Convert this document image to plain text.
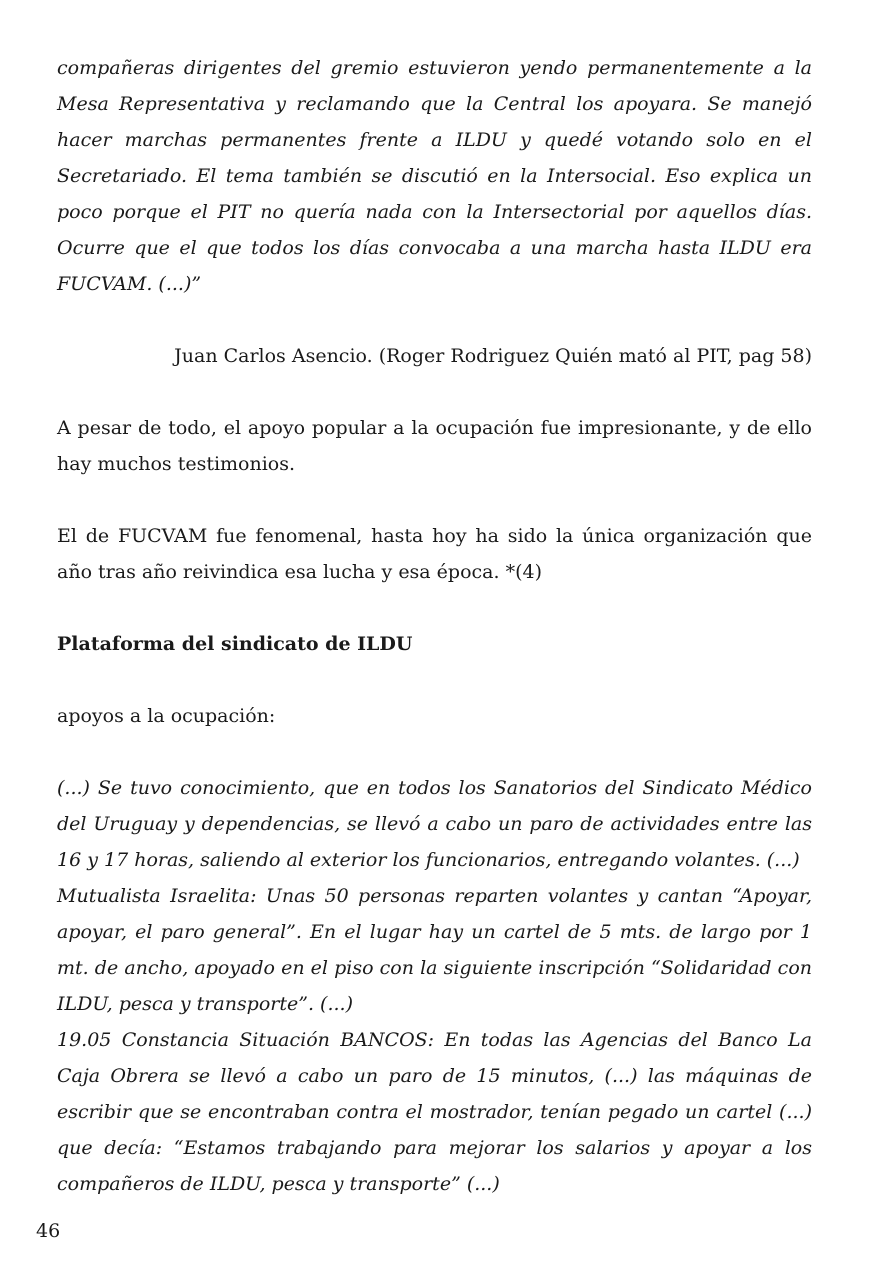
compañeras dirigentes del gremio estuvieron yendo permanentemente a la Mesa Representativa y reclamando que la Central los apoyara. Se manejó hacer marchas permanentes frente a ILDU y quedé votando solo en el Secretariado. El tema también se discutió en la Intersocial. Eso explica un poco porque el PIT no quería nada con la Intersectorial por aquellos días. Ocurre que el que todos los días convocaba a una marcha hasta ILDU era FUCVAM. (...)”

Juan Carlos Asencio. (Roger Rodriguez Quién mató al PIT, pag 58)

A pesar de todo, el apoyo popular a la ocupación fue impresionante, y de ello hay muchos testimonios.

El de FUCVAM fue fenomenal, hasta hoy ha sido la única organización que año tras año reivindica esa lucha y esa época. *(4)

Plataforma del sindicato de ILDU

apoyos a la ocupación:

(...) Se tuvo conocimiento, que en todos los Sanatorios del Sindicato Médico del Uruguay y dependencias, se llevó a cabo un paro de actividades entre las 16 y 17 horas, saliendo al exterior los funcionarios, entregando volantes. (...)

Mutualista Israelita: Unas 50 personas reparten volantes y cantan “Apoyar, apoyar, el paro general”. En el lugar hay un cartel de 5 mts. de largo por 1 mt. de ancho, apoyado en el piso con la siguiente inscripción “Solidaridad con ILDU, pesca y transporte”. (...)

19.05 Constancia Situación BANCOS: En todas las Agencias del Banco La Caja Obrera se llevó a cabo un paro de 15 minutos, (...) las máquinas de escribir que se encontraban contra el mostrador, tenían pegado un cartel (...) que decía: “Estamos trabajando para mejorar los salarios y apoyar a los compañeros de ILDU, pesca y transporte” (...)

46
